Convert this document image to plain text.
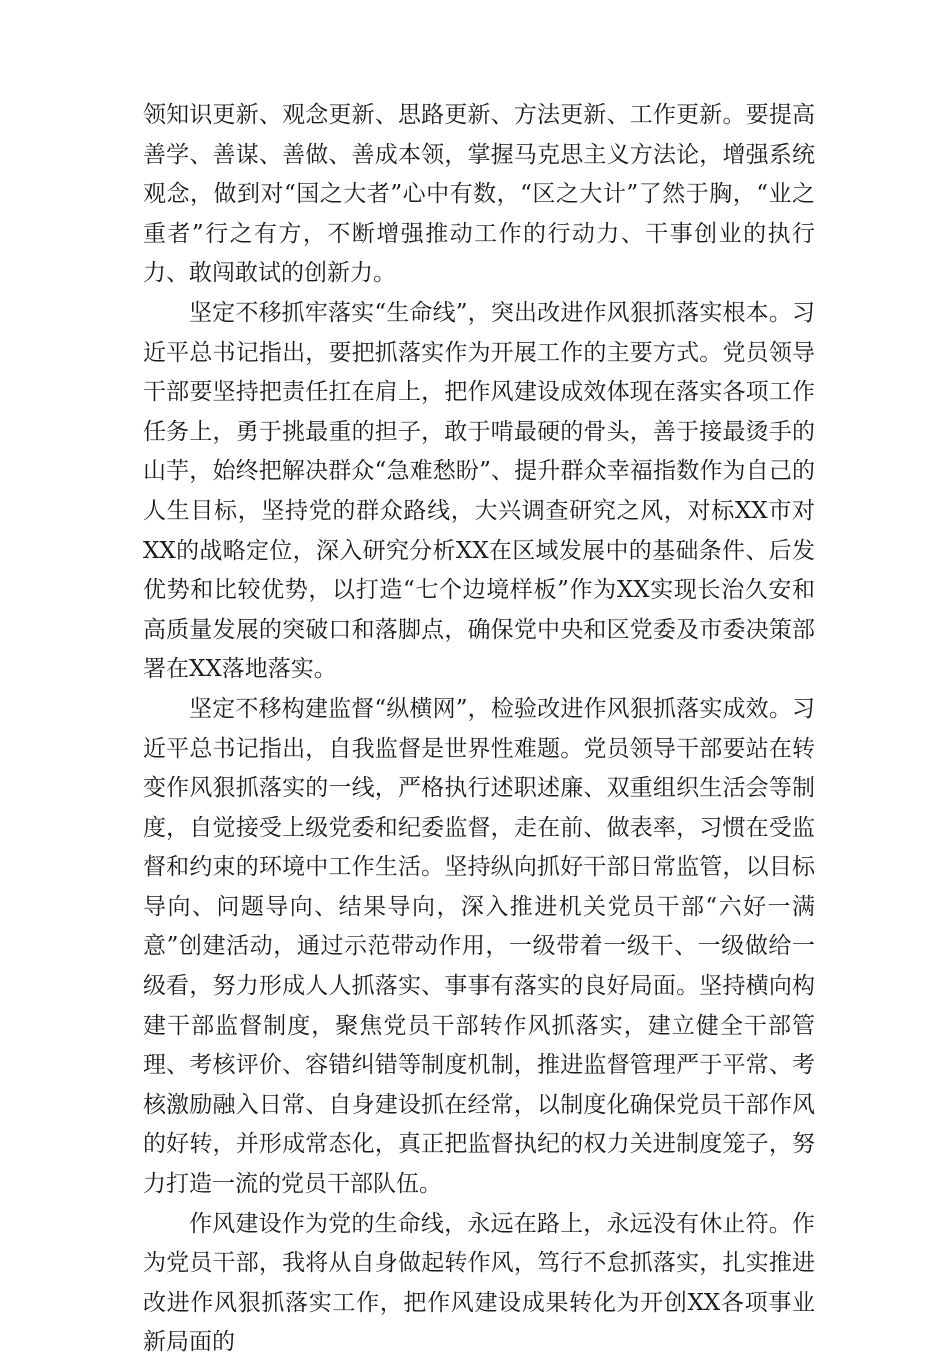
领知识更新、观念更新、思路更新、方法更新、工作更新。要提高善学、善谋、善做、善成本领，掌握马克思主义方法论，增强系统观念，做到对“国之大者”心中有数，“区之大计”了然于胸，“业之重者”行之有方，不断增强推动工作的行动力、干事创业的执行力、敢闯敢试的创新力。

坚定不移抓牢落实“生命线”，突出改进作风狠抓落实根本。习近平总书记指出，要把抓落实作为开展工作的主要方式。党员领导干部要坚持把责任扛在肩上，把作风建设成效体现在落实各项工作任务上，勇于挑最重的担子，敢于啃最硬的骨头，善于接最烫手的山芋，始终把解决群众“急难愁盼”、提升群众幸福指数作为自己的人生目标，坚持党的群众路线，大兴调查研究之风，对标XX市对XX的战略定位，深入研究分析XX在区域发展中的基础条件、后发优势和比较优势，以打造“七个边境样板”作为XX实现长治久安和高质量发展的突破口和落脚点，确保党中央和区党委及市委决策部署在XX落地落实。

坚定不移构建监督“纵横网”，检验改进作风狠抓落实成效。习近平总书记指出，自我监督是世界性难题。党员领导干部要站在转变作风狠抓落实的一线，严格执行述职述廉、双重组织生活会等制度，自觉接受上级党委和纪委监督，走在前、做表率，习惯在受监督和约束的环境中工作生活。坚持纵向抓好干部日常监管，以目标导向、问题导向、结果导向，深入推进机关党员干部“六好一满意”创建活动，通过示范带动作用，一级带着一级干、一级做给一级看，努力形成人人抓落实、事事有落实的良好局面。坚持横向构建干部监督制度，聚焦党员干部转作风抓落实，建立健全干部管理、考核评价、容错纠错等制度机制，推进监督管理严于平常、考核激励融入日常、自身建设抓在经常，以制度化确保党员干部作风的好转，并形成常态化，真正把监督执纪的权力关进制度笼子，努力打造一流的党员干部队伍。

作风建设作为党的生命线，永远在路上，永远没有休止符。作为党员干部，我将从自身做起转作风，笃行不怠抓落实，扎实推进改进作风狠抓落实工作，把作风建设成果转化为开创XX各项事业新局面的
